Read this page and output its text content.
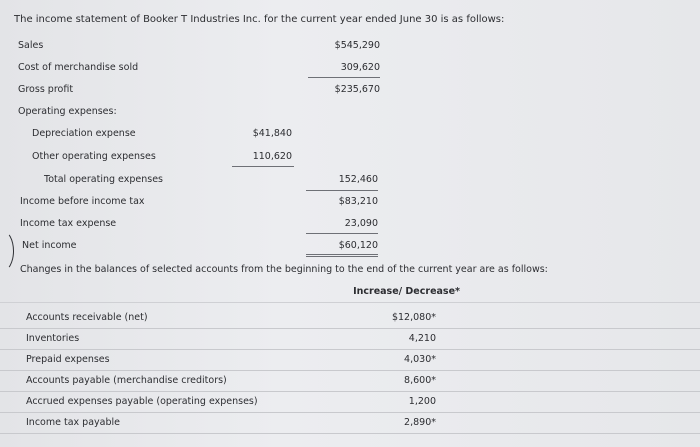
The income statement of Booker T Industries Inc. for the current year ended June 30 is as follows:
Sales	$545,290
Cost of merchandise sold	309,620
Gross profit	$235,670
Operating expenses:
Depreciation expense	$41,840
Other operating expenses	110,620
Total operating expenses	152,460
Income before income tax	$83,210
Income tax expense	23,090
Net income	$60,120
Changes in the balances of selected accounts from the beginning to the end of the current year are as follows:
Increase/ Decrease*
Accounts receivable (net)	$12,080*
Inventories	4,210
Prepaid expenses	4,030*
Accounts payable (merchandise creditors)	8,600*
Accrued expenses payable (operating expenses)	1,200
Income tax payable	2,890*
